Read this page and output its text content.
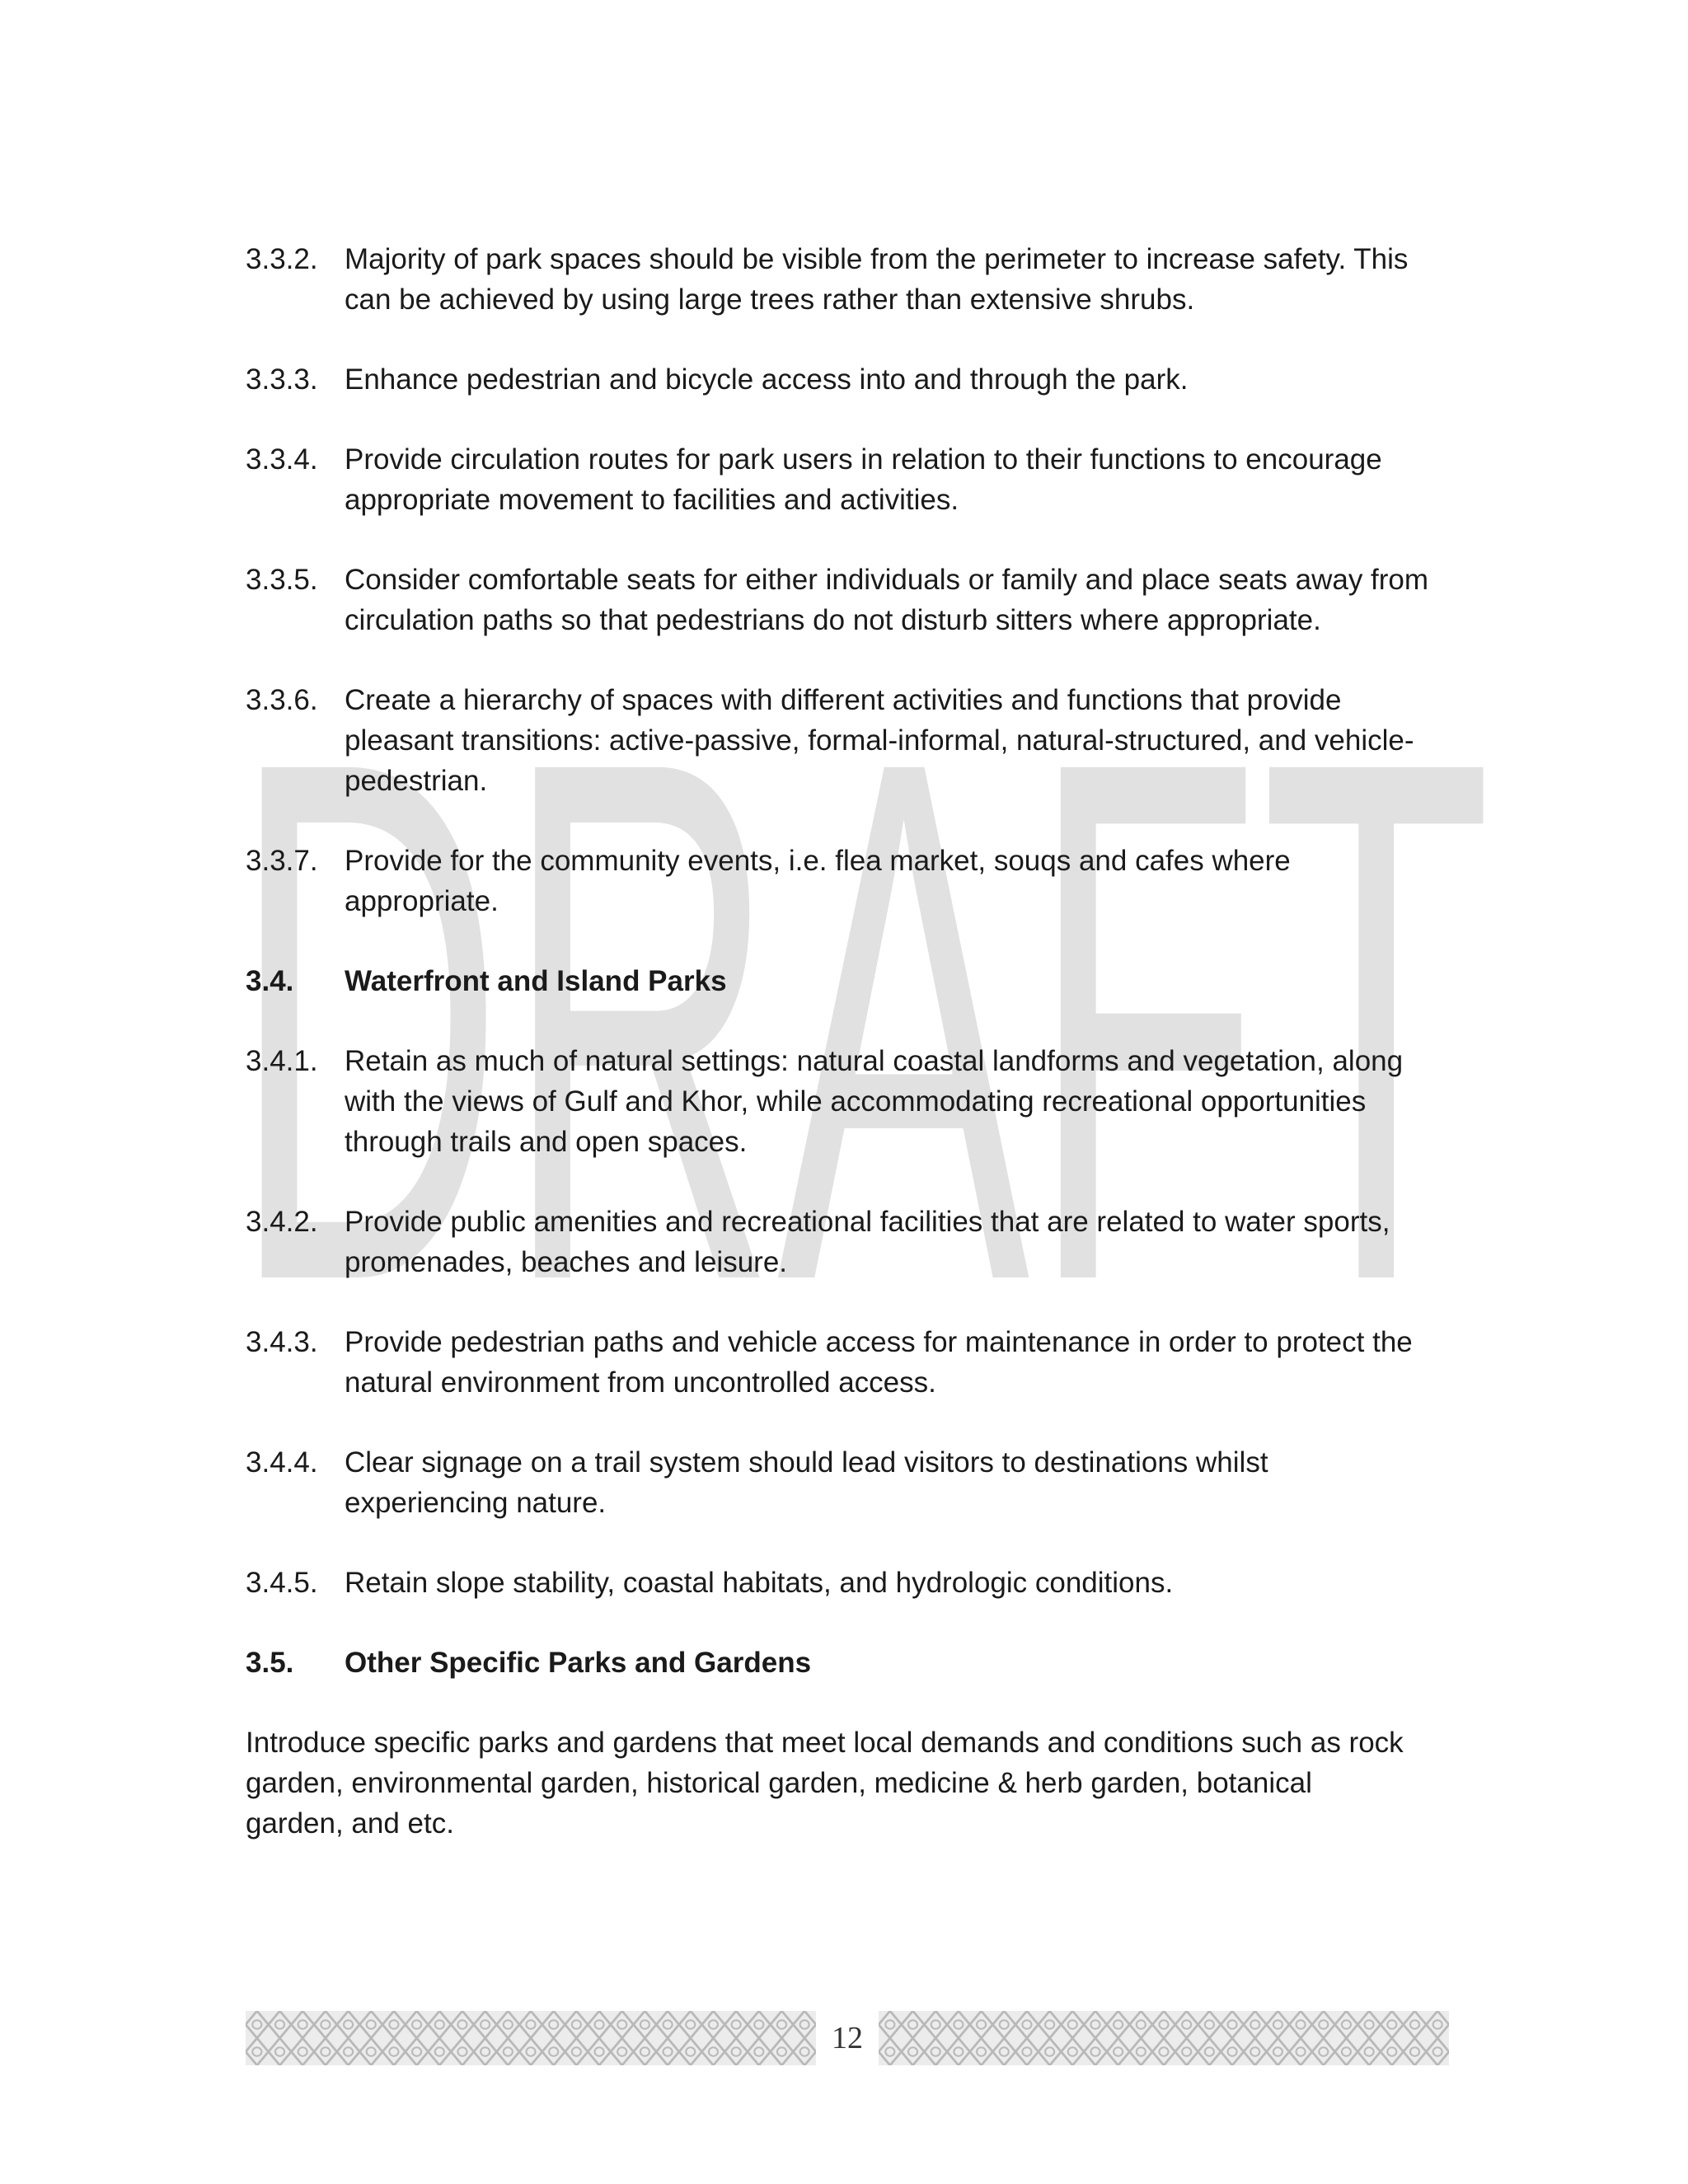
DRAFT
3.3.2. Majority of park spaces should be visible from the perimeter to increase safety. This can be achieved by using large trees rather than extensive shrubs.
3.3.3. Enhance pedestrian and bicycle access into and through the park.
3.3.4. Provide circulation routes for park users in relation to their functions to encourage appropriate movement to facilities and activities.
3.3.5. Consider comfortable seats for either individuals or family and place seats away from circulation paths so that pedestrians do not disturb sitters where appropriate.
3.3.6. Create a hierarchy of spaces with different activities and functions that provide pleasant transitions: active-passive, formal-informal, natural-structured, and vehicle-pedestrian.
3.3.7. Provide for the community events, i.e. flea market, souqs and cafes where appropriate.
3.4.	Waterfront and Island Parks
3.4.1. Retain as much of natural settings: natural coastal landforms and vegetation, along with the views of Gulf and Khor, while accommodating recreational opportunities through trails and open spaces.
3.4.2. Provide public amenities and recreational facilities that are related to water sports, promenades, beaches and leisure.
3.4.3. Provide pedestrian paths and vehicle access for maintenance in order to protect the natural environment from uncontrolled access.
3.4.4. Clear signage on a trail system should lead visitors to destinations whilst experiencing nature.
3.4.5. Retain slope stability, coastal habitats, and hydrologic conditions.
3.5.	Other Specific Parks and Gardens

Introduce specific parks and gardens that meet local demands and conditions such as rock garden, environmental garden, historical garden, medicine & herb garden, botanical garden, and etc.

12
